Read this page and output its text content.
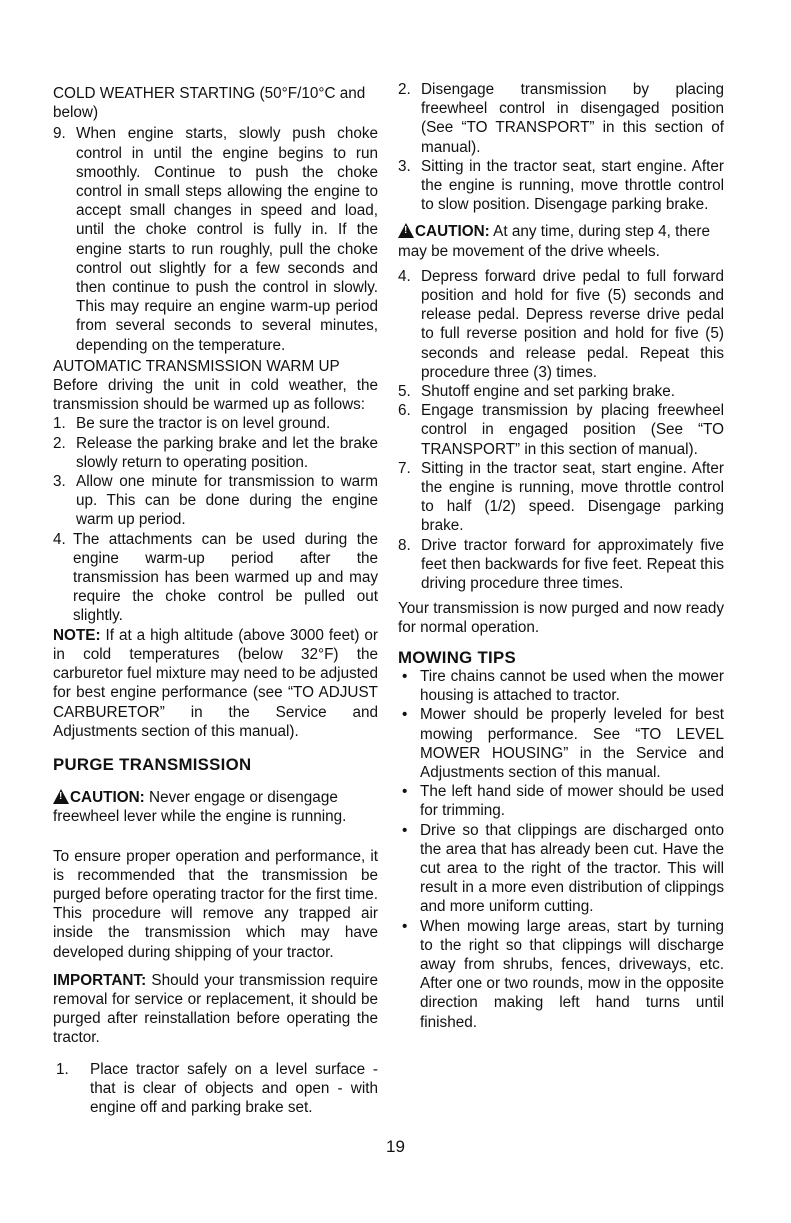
COLD WEATHER STARTING (50°F/10°C and below)

9. When engine starts, slowly push choke control in until the engine begins to run smoothly. Continue to push the choke control in small steps allowing the engine to accept small changes in speed and load, until the choke control is fully in. If the engine starts to run roughly, pull the choke control out slightly for a few seconds and then continue to push the control in slowly. This may require an engine warm-up period from several seconds to several minutes, depending on the temperature.

AUTOMATIC TRANSMISSION WARM UP

Before driving the unit in cold weather, the transmission should be warmed up as follows:

1. Be sure the tractor is on level ground.
2. Release the parking brake and let the brake slowly return to operating position.
3. Allow one minute for transmission to warm up. This can be done during the engine warm up period.
4. The attachments can be used during the engine warm-up period after the transmission has been warmed up and may require the choke control be pulled out slightly.

NOTE: If at a high altitude (above 3000 feet) or in cold temperatures (below 32°F) the carburetor fuel mixture may need to be adjusted for best engine performance (see “TO ADJUST CARBURETOR” in the Service and Adjustments section of this manual).

PURGE TRANSMISSION

!CAUTION: Never engage or disengage freewheel lever while the engine is running.

To ensure proper operation and performance, it is recommended that the transmission be purged before operating tractor for the first time. This procedure will remove any trapped air inside the transmission which may have developed during shipping of your tractor.

IMPORTANT: Should your transmission require removal for service or replacement, it should be purged after reinstallation before operating the tractor.

1.	Place tractor safely on a level surface - that is clear of objects and open - with engine off and parking brake set.
2. Disengage transmission by placing freewheel control in disengaged position (See “TO TRANSPORT” in this section of manual).
3. Sitting in the tractor seat, start engine. After the engine is running, move throttle control to slow position. Disengage parking brake.

!CAUTION: At any time, during step 4, there may be movement of the drive wheels.

4. Depress forward drive pedal to full forward position and hold for five (5) seconds and release pedal. Depress reverse drive pedal to full reverse position and hold for five (5) seconds and release pedal. Repeat this procedure three (3) times.
5. Shutoff engine and set parking brake.
6. Engage transmission by placing freewheel control in engaged position (See “TO TRANSPORT” in this section of manual).
7. Sitting in the tractor seat, start engine. After the engine is running, move throttle control to half (1/2) speed. Disengage parking brake.
8. Drive tractor forward for approximately five feet then backwards for five feet. Repeat this driving procedure three times.

Your transmission is now purged and now ready for normal operation.

MOWING TIPS

• Tire chains cannot be used when the mower housing is attached to tractor.
• Mower should be properly leveled for best mowing performance. See “TO LEVEL MOWER HOUSING” in the Service and Adjustments section of this manual.
• The left hand side of mower should be used for trimming.
• Drive so that clippings are discharged onto the area that has already been cut. Have the cut area to the right of the tractor. This will result in a more even distribution of clippings and more uniform cutting.
• When mowing large areas, start by turning to the right so that clippings will discharge away from shrubs, fences, driveways, etc. After one or two rounds, mow in the opposite direction making left hand turns until finished.
19
